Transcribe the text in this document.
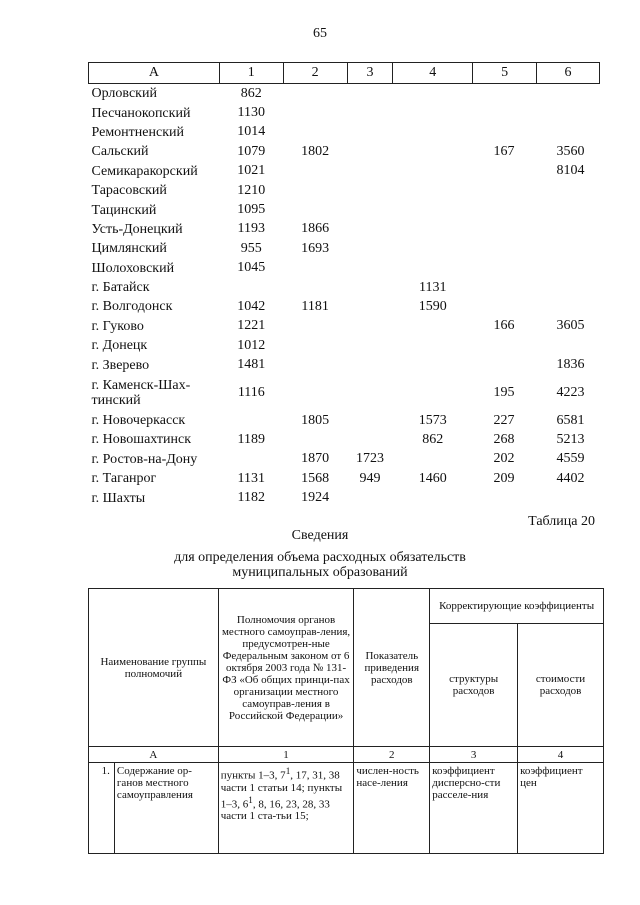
65
А	1	2	3	4	5	6
Орловский	862					
Песчанокопский	1130					
Ремонтненский	1014					
Сальский	1079	1802			167	3560
Семикаракорский	1021					8104
Тарасовский	1210					
Тацинский	1095					
Усть-Донецкий	1193	1866				
Цимлянский	955	1693				
Шолоховский	1045					
г. Батайск				1131		
г. Волгодонск	1042	1181		1590		
г. Гуково	1221				166	3605
г. Донецк	1012					
г. Зверево	1481					1836
г. Каменск-Шах-тинский	1116				195	4223
г. Новочеркасск		1805		1573	227	6581
г. Новошахтинск	1189			862	268	5213
г. Ростов-на-Дону		1870	1723		202	4559
г. Таганрог	1131	1568	949	1460	209	4402
г. Шахты	1182	1924				
Таблица 20
Сведения
для определения объема расходных обязательств
муниципальных образований
Наименование группы полномочий		Полномочия органов местного самоуправ-ления, предусмотрен-ные Федеральным законом от 6 октября 2003 года № 131-ФЗ «Об общих принци-пах организации местного самоуправ-ления в Российской Федерации»	Показатель приведения расходов	Корректирующие коэффициенты	
				структуры расходов	стоимости расходов
А		1	2	3	4
1.	Содержание ор-ганов местного самоуправления	пункты 1–3, $7^1$, 17, 31, 38 части 1 статьи 14; пункты 1–3, $6^1$, 8, 16, 23, 28, 33 части 1 ста-тьи 15;	числен-ность насе-ления	коэффициент дисперсно-сти расселе-ния	коэффициент цен
